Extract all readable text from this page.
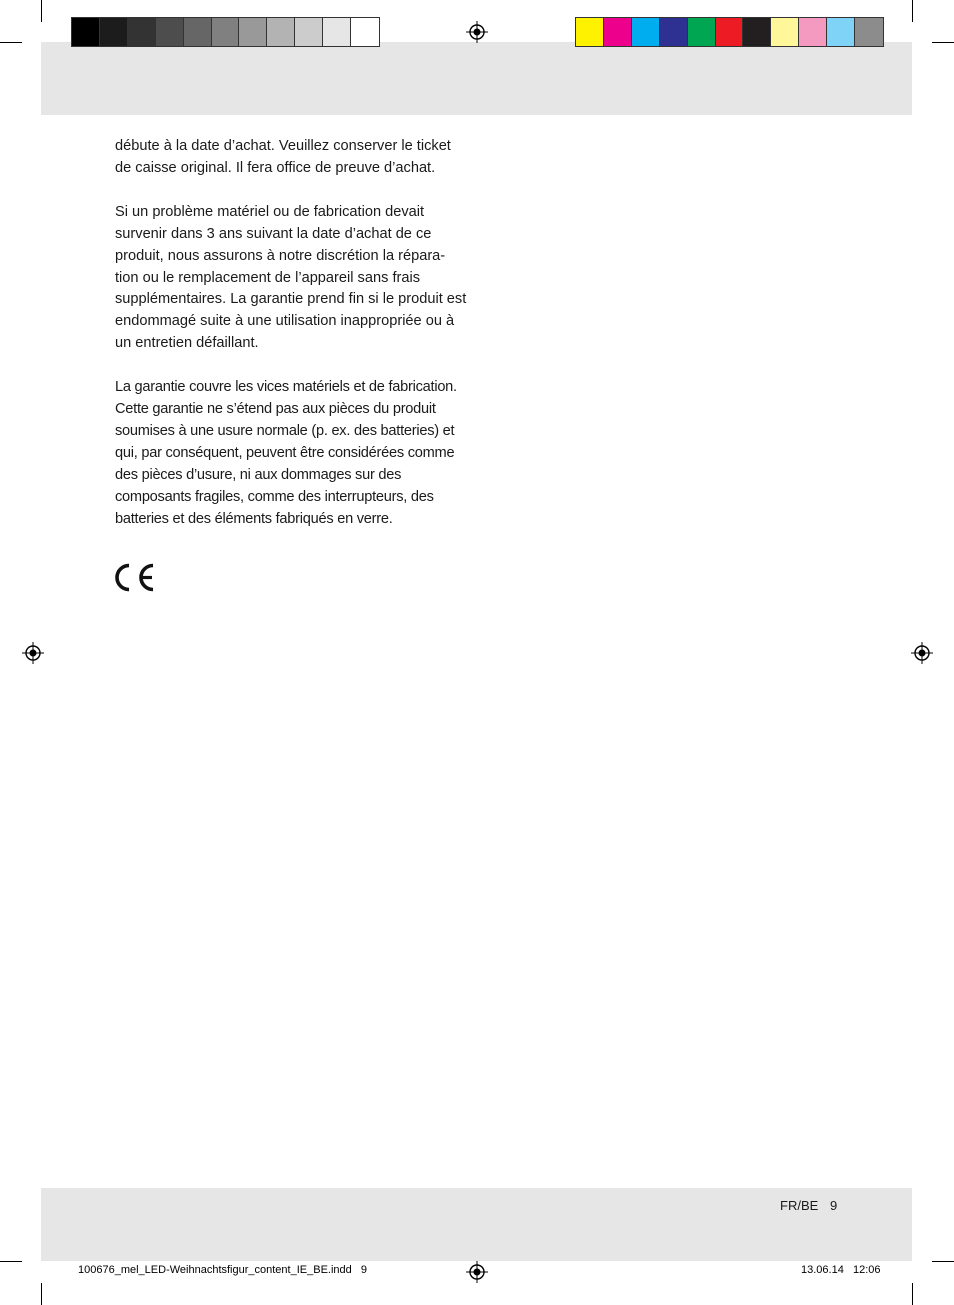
débute à la date d’achat. Veuillez conserver le ticket de caisse original. Il fera office de preuve d’achat.

Si un problème matériel ou de fabrication devait survenir dans 3 ans suivant la date d’achat de ce produit, nous assurons à notre discrétion la répara-tion ou le remplacement de l’appareil sans frais supplémentaires. La garantie prend fin si le produit est endommagé suite à une utilisation inappropriée ou à un entretien défaillant.

La garantie couvre les vices matériels et de fabrication. Cette garantie ne s’étend pas aux pièces du produit soumises à une usure normale (p. ex. des batteries) et qui, par conséquent, peuvent être considérées comme des pièces d’usure, ni aux dommages sur des composants fragiles, comme des interrupteurs, des batteries et des éléments fabriqués en verre.

FR/BE 9
100676_mel_LED-Weihnachtsfigur_content_IE_BE.indd   9	13.06.14   12:06
